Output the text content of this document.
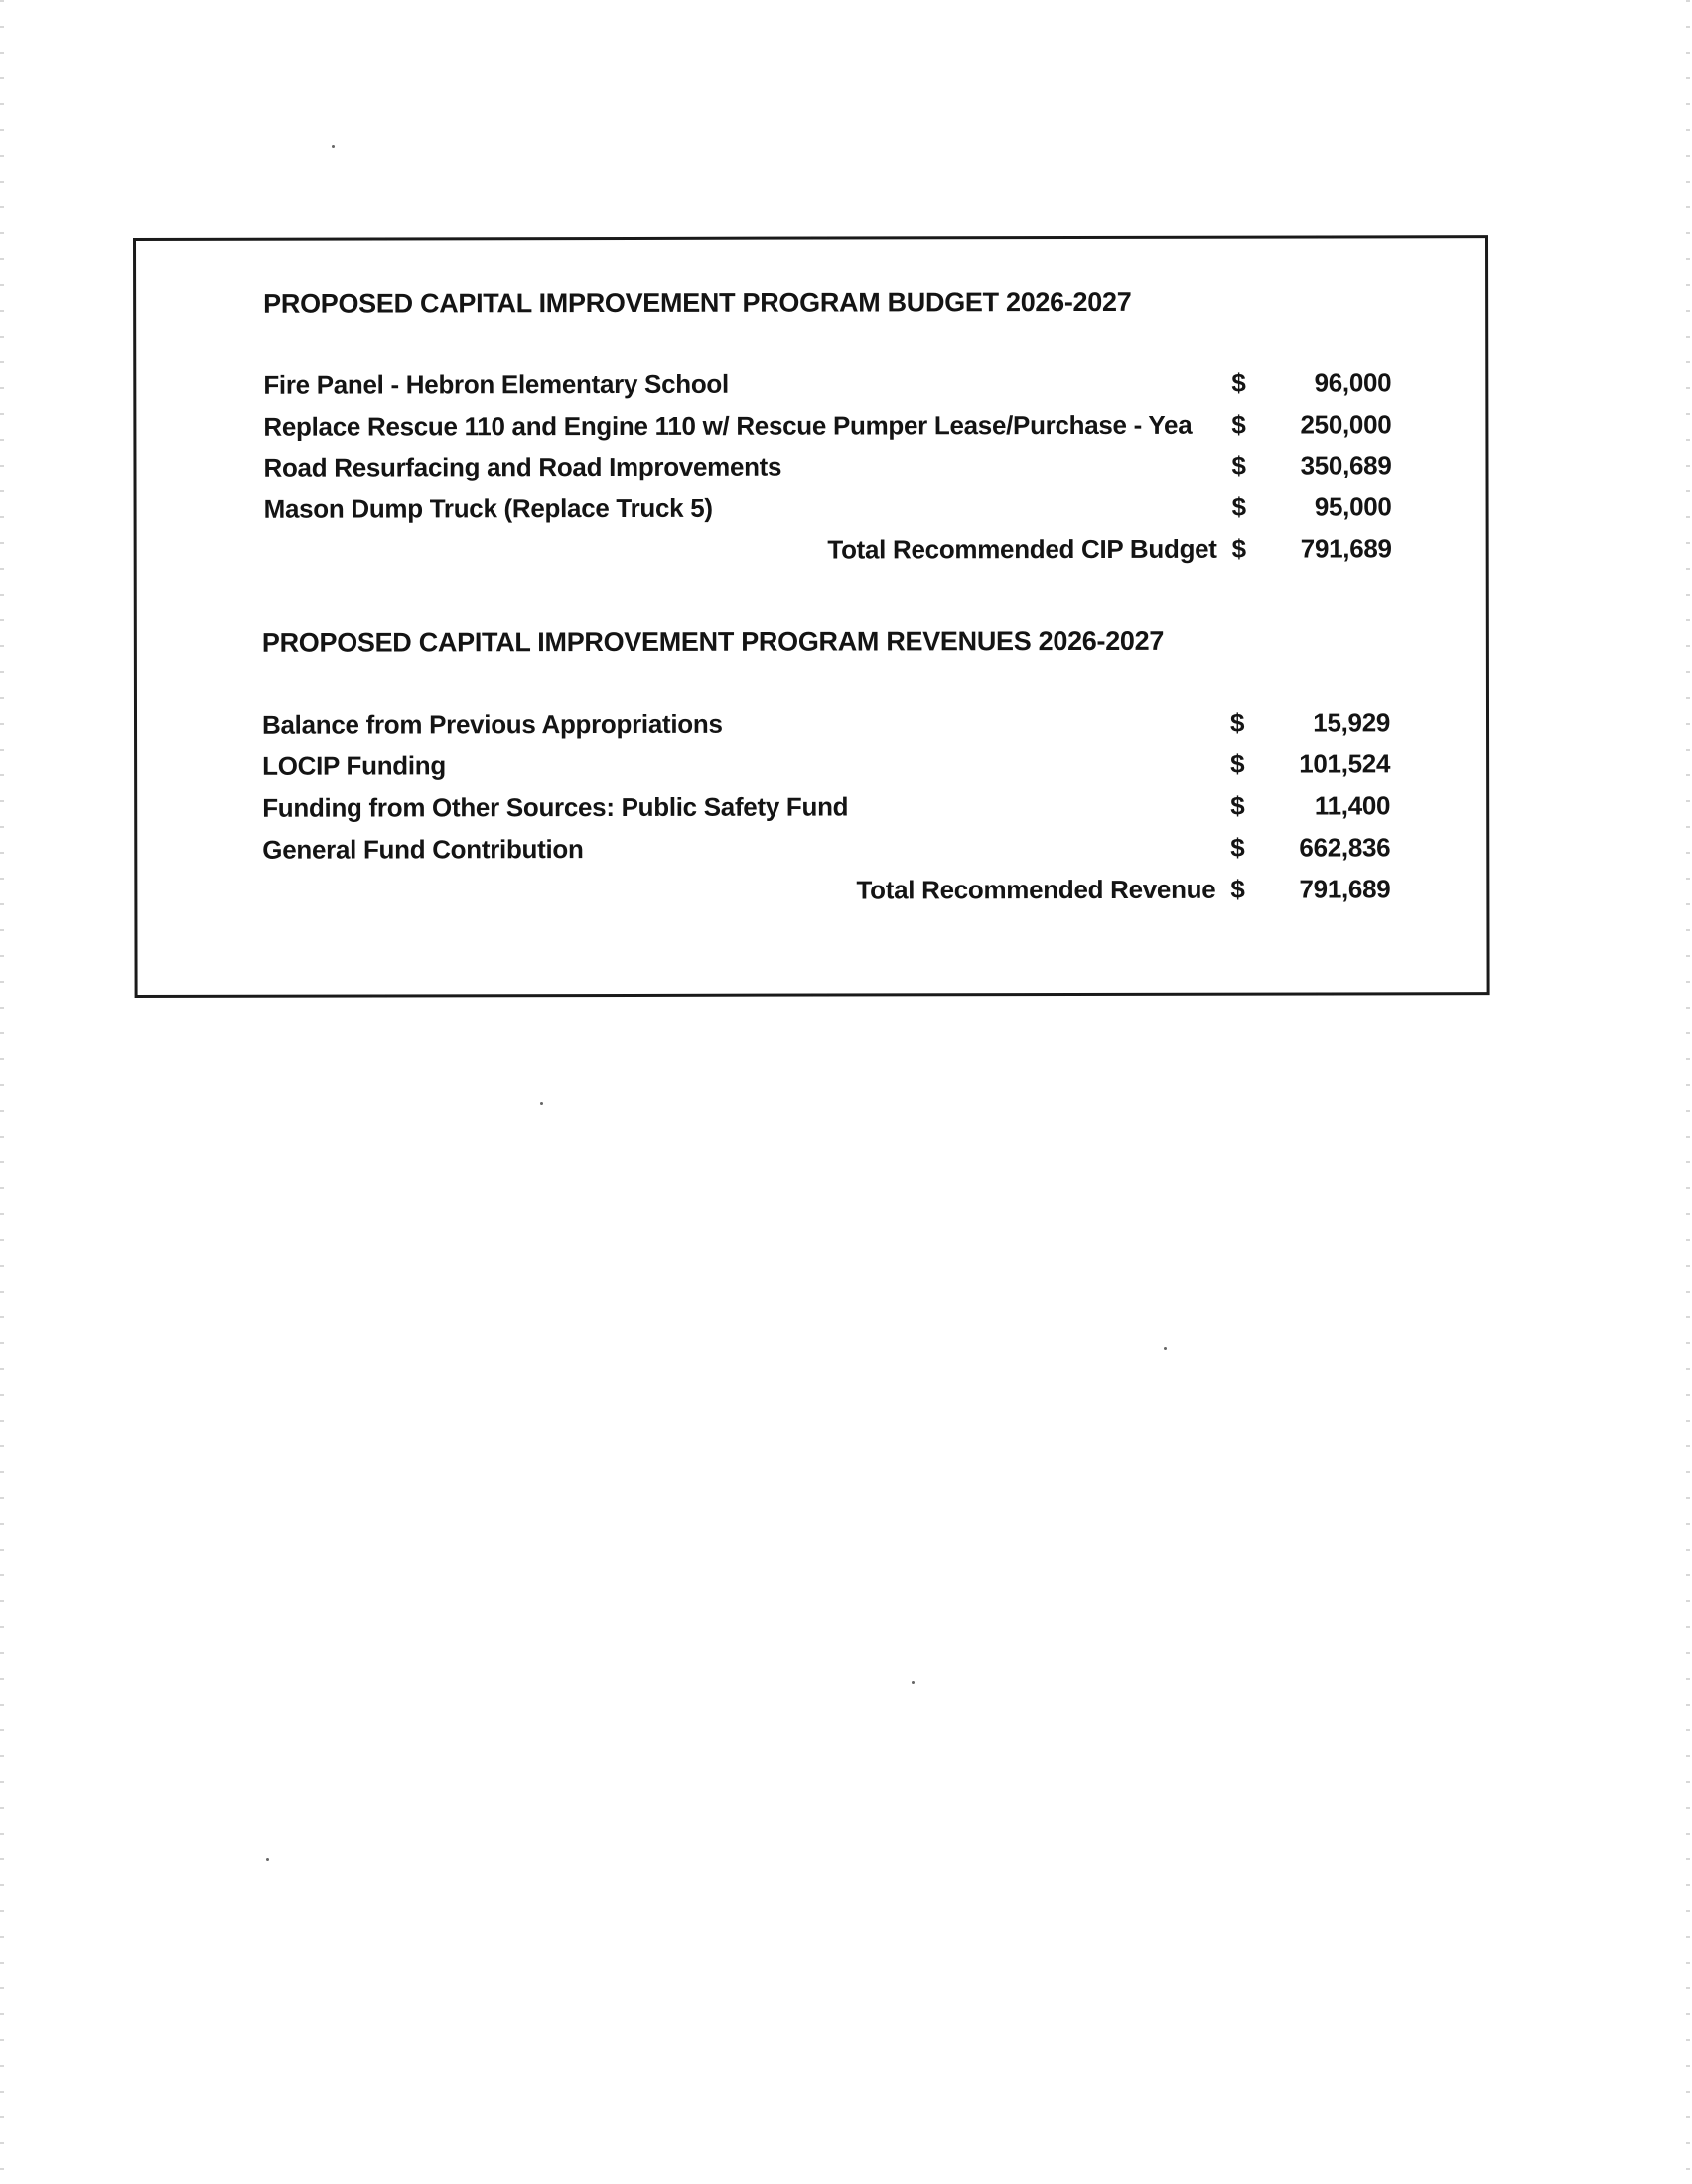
PROPOSED CAPITAL IMPROVEMENT PROGRAM BUDGET 2026-2027
Fire Panel - Hebron Elementary School	$	96,000
Replace Rescue 110 and Engine 110 w/ Rescue Pumper Lease/Purchase - Yea $	250,000
Road Resurfacing and Road Improvements	$	350,689
Mason Dump Truck (Replace Truck 5)	$	95,000
Total Recommended CIP Budget $	791,689
PROPOSED CAPITAL IMPROVEMENT PROGRAM REVENUES 2026-2027
Balance from Previous Appropriations	$	15,929
LOCIP Funding	$	101,524
Funding from Other Sources: Public Safety Fund	$	11,400
General Fund Contribution	$	662,836
Total Recommended Revenue $	791,689
